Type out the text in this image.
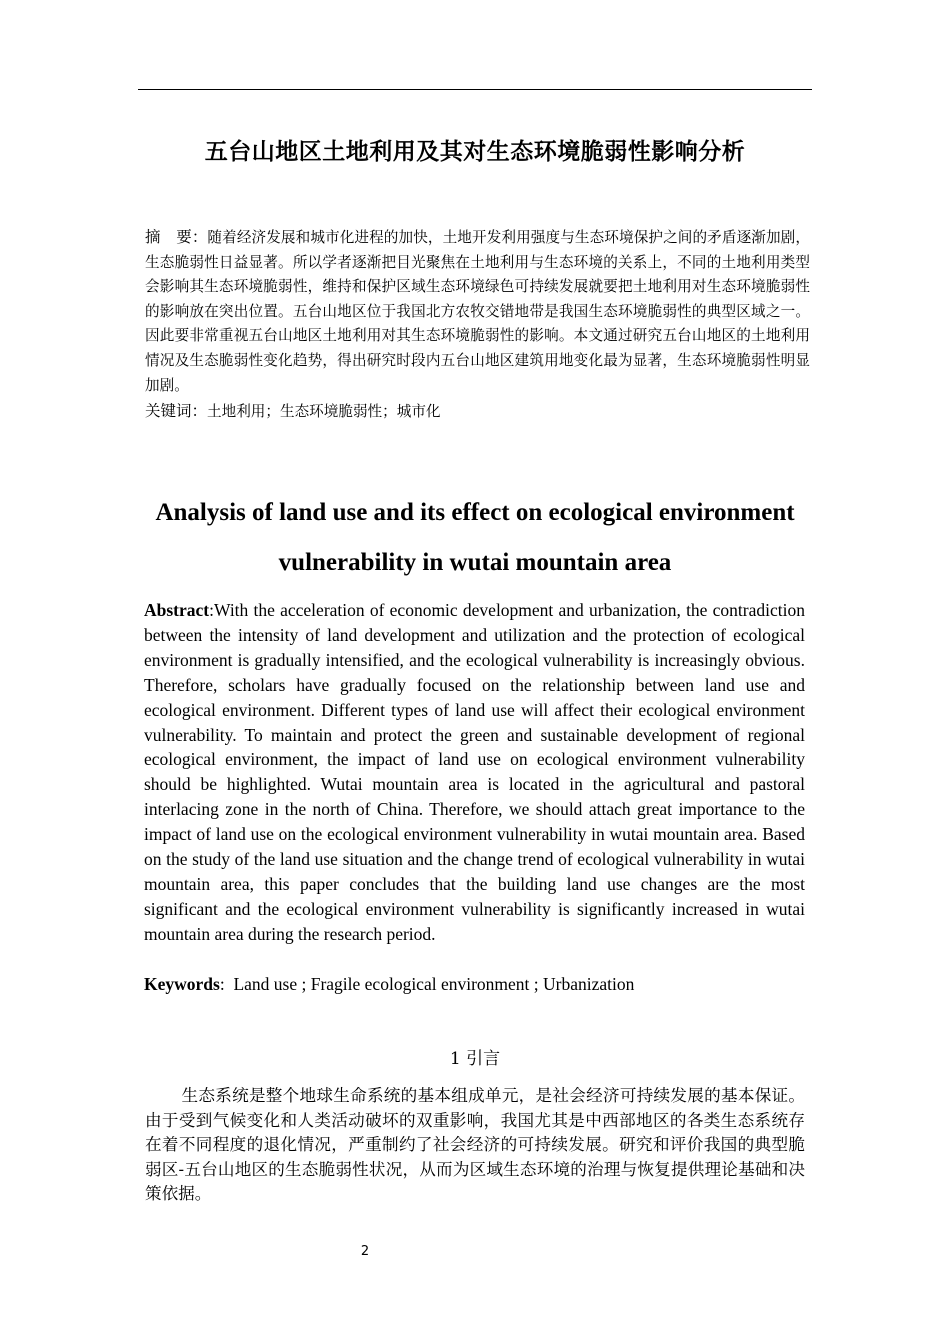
五台山地区土地利用及其对生态环境脆弱性影响分析
摘　要：随着经济发展和城市化进程的加快，土地开发利用强度与生态环境保护之间的矛盾逐渐加剧，生态脆弱性日益显著。所以学者逐渐把目光聚焦在土地利用与生态环境的关系上，不同的土地利用类型会影响其生态环境脆弱性，维持和保护区域生态环境绿色可持续发展就要把土地利用对生态环境脆弱性的影响放在突出位置。五台山地区位于我国北方农牧交错地带是我国生态环境脆弱性的典型区域之一。因此要非常重视五台山地区土地利用对其生态环境脆弱性的影响。本文通过研究五台山地区的土地利用情况及生态脆弱性变化趋势，得出研究时段内五台山地区建筑用地变化最为显著，生态环境脆弱性明显加剧。
关键词：土地利用；生态环境脆弱性；城市化
Analysis of land use and its effect on ecological environment vulnerability in wutai mountain area
Abstract:With the acceleration of economic development and urbanization, the contradiction between the intensity of land development and utilization and the protection of ecological environment is gradually intensified, and the ecological vulnerability is increasingly obvious. Therefore, scholars have gradually focused on the relationship between land use and ecological environment. Different types of land use will affect their ecological environment vulnerability. To maintain and protect the green and sustainable development of regional ecological environment, the impact of land use on ecological environment vulnerability should be highlighted. Wutai mountain area is located in the agricultural and pastoral interlacing zone in the north of China. Therefore, we should attach great importance to the impact of land use on the ecological environment vulnerability in wutai mountain area. Based on the study of the land use situation and the change trend of ecological vulnerability in wutai mountain area, this paper concludes that the building land use changes are the most significant and the ecological environment vulnerability is significantly increased in wutai mountain area during the research period.
Keywords: Land use ; Fragile ecological environment ; Urbanization
1 引言

生态系统是整个地球生命系统的基本组成单元，是社会经济可持续发展的基本保证。由于受到气候变化和人类活动破坏的双重影响，我国尤其是中西部地区的各类生态系统存在着不同程度的退化情况，严重制约了社会经济的可持续发展。研究和评价我国的典型脆弱区-五台山地区的生态脆弱性状况，从而为区域生态环境的治理与恢复提供理论基础和决策依据。

2
